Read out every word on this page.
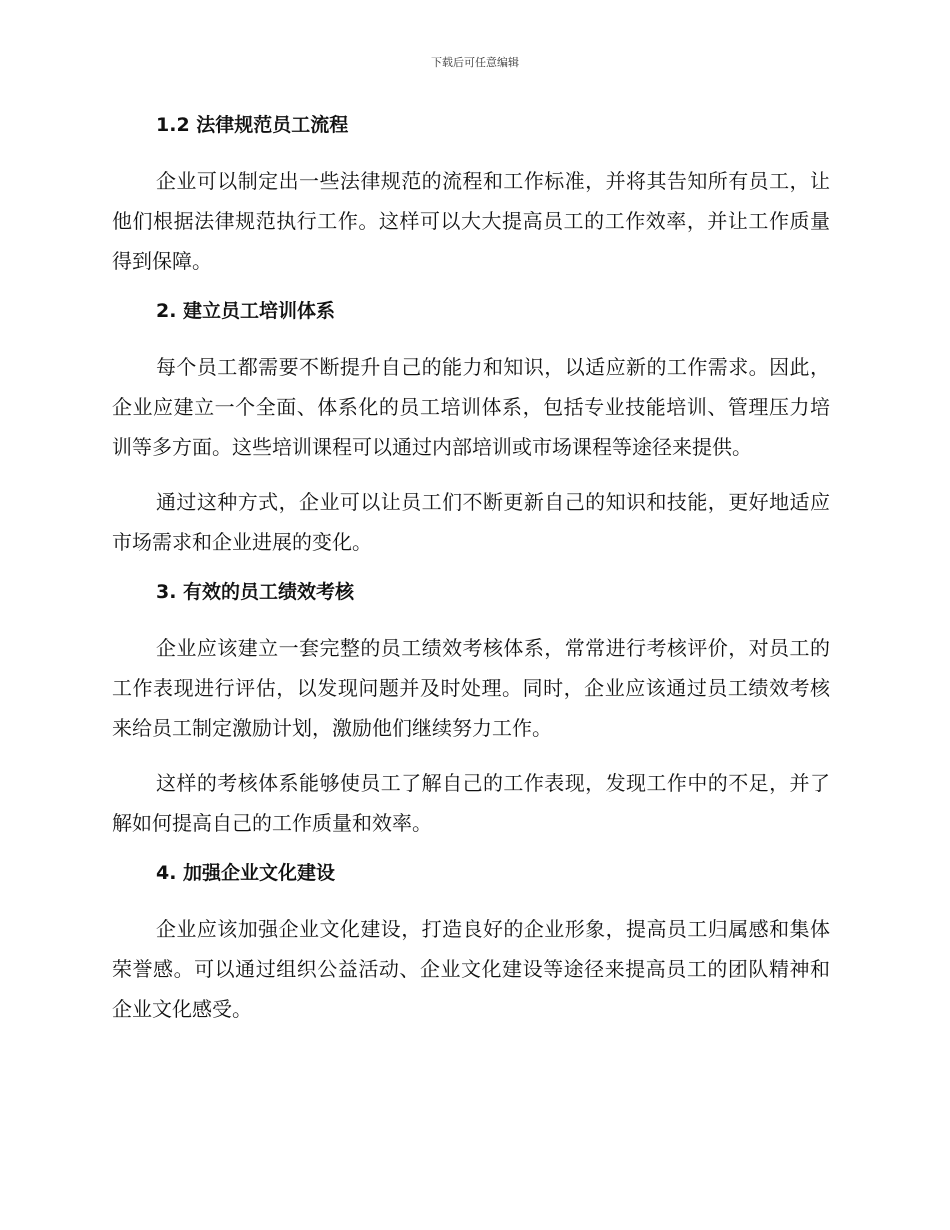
下载后可任意编辑
1.2 法律规范员工流程

企业可以制定出一些法律规范的流程和工作标准，并将其告知所有员工，让他们根据法律规范执行工作。这样可以大大提高员工的工作效率，并让工作质量得到保障。

2. 建立员工培训体系

每个员工都需要不断提升自己的能力和知识，以适应新的工作需求。因此，企业应建立一个全面、体系化的员工培训体系，包括专业技能培训、管理压力培训等多方面。这些培训课程可以通过内部培训或市场课程等途径来提供。

通过这种方式，企业可以让员工们不断更新自己的知识和技能，更好地适应市场需求和企业进展的变化。

3. 有效的员工绩效考核

企业应该建立一套完整的员工绩效考核体系，常常进行考核评价，对员工的工作表现进行评估，以发现问题并及时处理。同时，企业应该通过员工绩效考核来给员工制定激励计划，激励他们继续努力工作。

这样的考核体系能够使员工了解自己的工作表现，发现工作中的不足，并了解如何提高自己的工作质量和效率。

4. 加强企业文化建设

企业应该加强企业文化建设，打造良好的企业形象，提高员工归属感和集体荣誉感。可以通过组织公益活动、企业文化建设等途径来提高员工的团队精神和企业文化感受。
